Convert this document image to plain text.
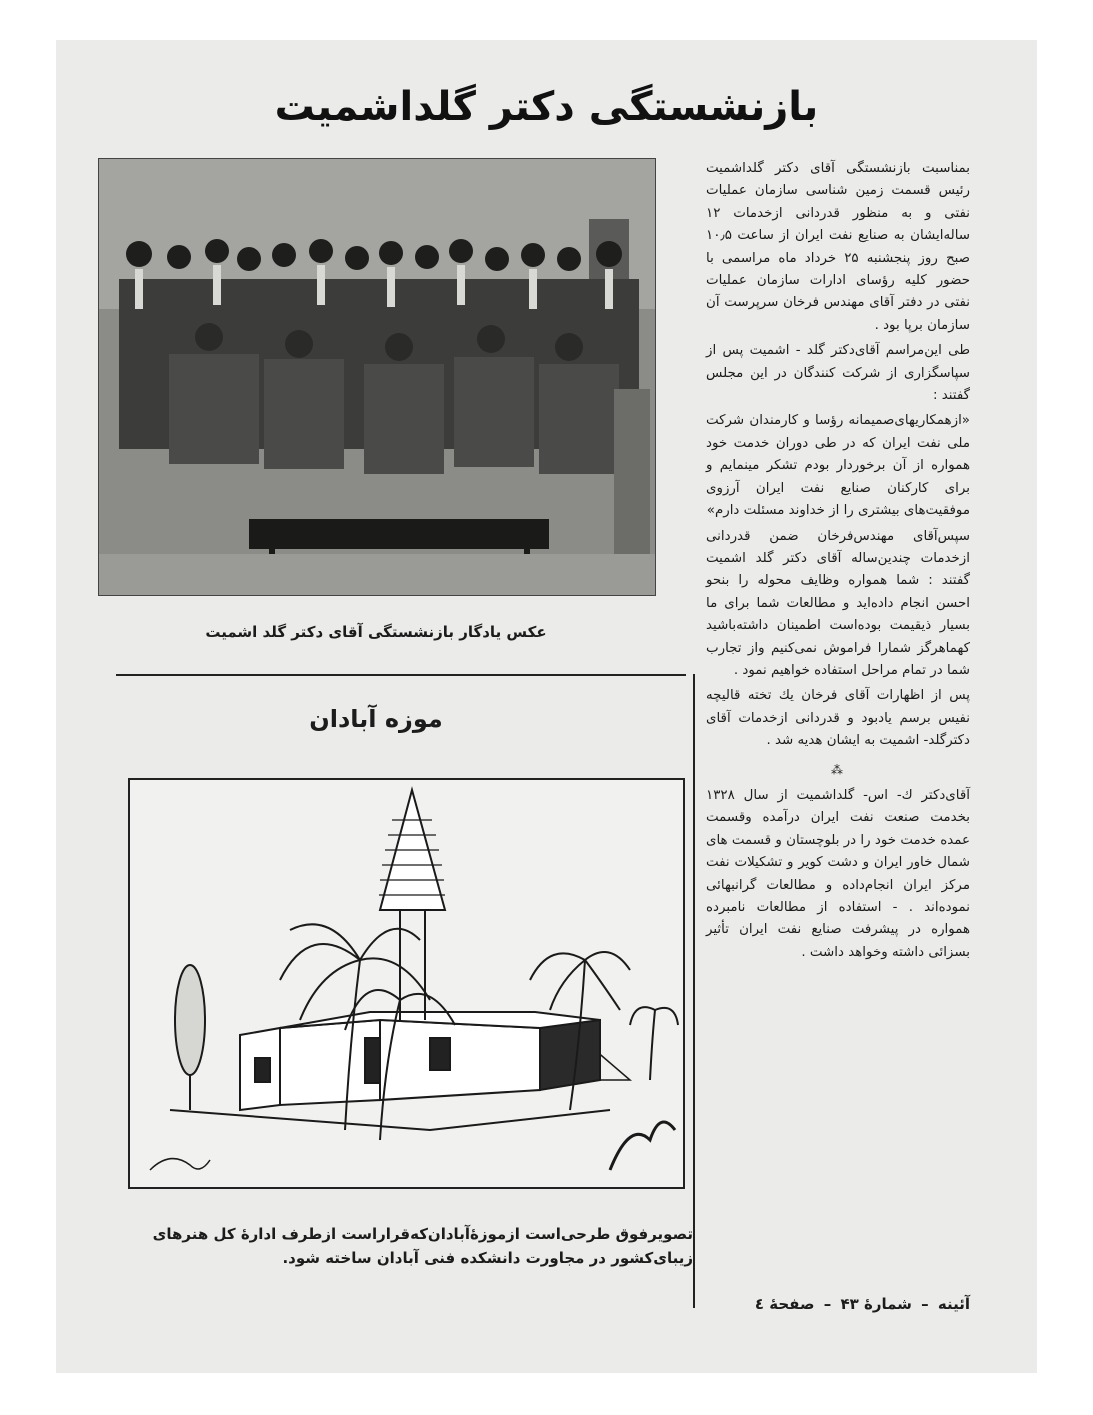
بازنشستگی دکتر گلداشمیت
عکس یادگار بازنشستگی آقای دکتر گلد اشمیت
موزه آبادان
تصویرفوق طرحی‌است ازموزهٔ‌آبادان‌که‌قراراست ازطرف ادارهٔ کل هنرهای زیبای‌کشور در مجاورت دانشکده فنی آبادان ساخته شود.

بمناسبت بازنشستگی آقای دکتر گلداشمیت رئیس قسمت زمین شناسی سازمان عملیات نفتی و به منظور قدردانی ازخدمات ۱۲ ساله‌ایشان به صنایع نفت ایران از ساعت ۱۰٫۵ صبح روز پنجشنبه ۲۵ خرداد ماه مراسمی با حضور کلیه رؤسای ادارات سازمان عملیات نفتی در دفتر آقای مهندس فرخان سرپرست آن سازمان برپا بود .

طی این‌مراسم آقای‌دکتر گلد - اشمیت پس از سپاسگزاری از شرکت کنندگان در این مجلس گفتند :

«ازهمکاریهای‌صمیمانه رؤسا و کارمندان شرکت ملی نفت ایران که در طی دوران خدمت خود همواره از آن برخوردار بودم تشکر مینمایم و برای کارکنان صنایع نفت ایران آرزوی موفقیت‌های بیشتری را از خداوند مسئلت دارم»

سپس‌آقای مهندس‌فرخان ضمن قدردانی ازخدمات چندین‌ساله آقای دکتر گلد اشمیت گفتند : شما همواره وظایف محوله را بنحو احسن انجام داده‌اید و مطالعات شما برای ما بسیار ذیقیمت بوده‌است اطمینان داشته‌باشید کهماهرگز شمارا فراموش نمی‌کنیم واز تجارب شما در تمام مراحل استفاده خواهیم نمود .

پس از اظهارات آقای فرخان یك تخته قالیچه نفیس برسم یادبود و قدردانی ازخدمات آقای دکترگلد- اشمیت به ایشان هدیه شد .

⁂

آقای‌دکتر ك- اس- گلداشمیت از سال ۱۳۲۸ بخدمت صنعت نفت ایران درآمده وقسمت عمده خدمت خود را در بلوچستان و قسمت های شمال خاور ایران و دشت کویر و تشکیلات نفت مرکز ایران انجام‌داده و مطالعات گرانبهائی نموده‌اند . - استفاده از مطالعات نامبرده همواره در پیشرفت صنایع نفت ایران تأثیر بسزائی داشته وخواهد داشت .

آئینه – شمارهٔ ۴۳ – صفحهٔ ٤
